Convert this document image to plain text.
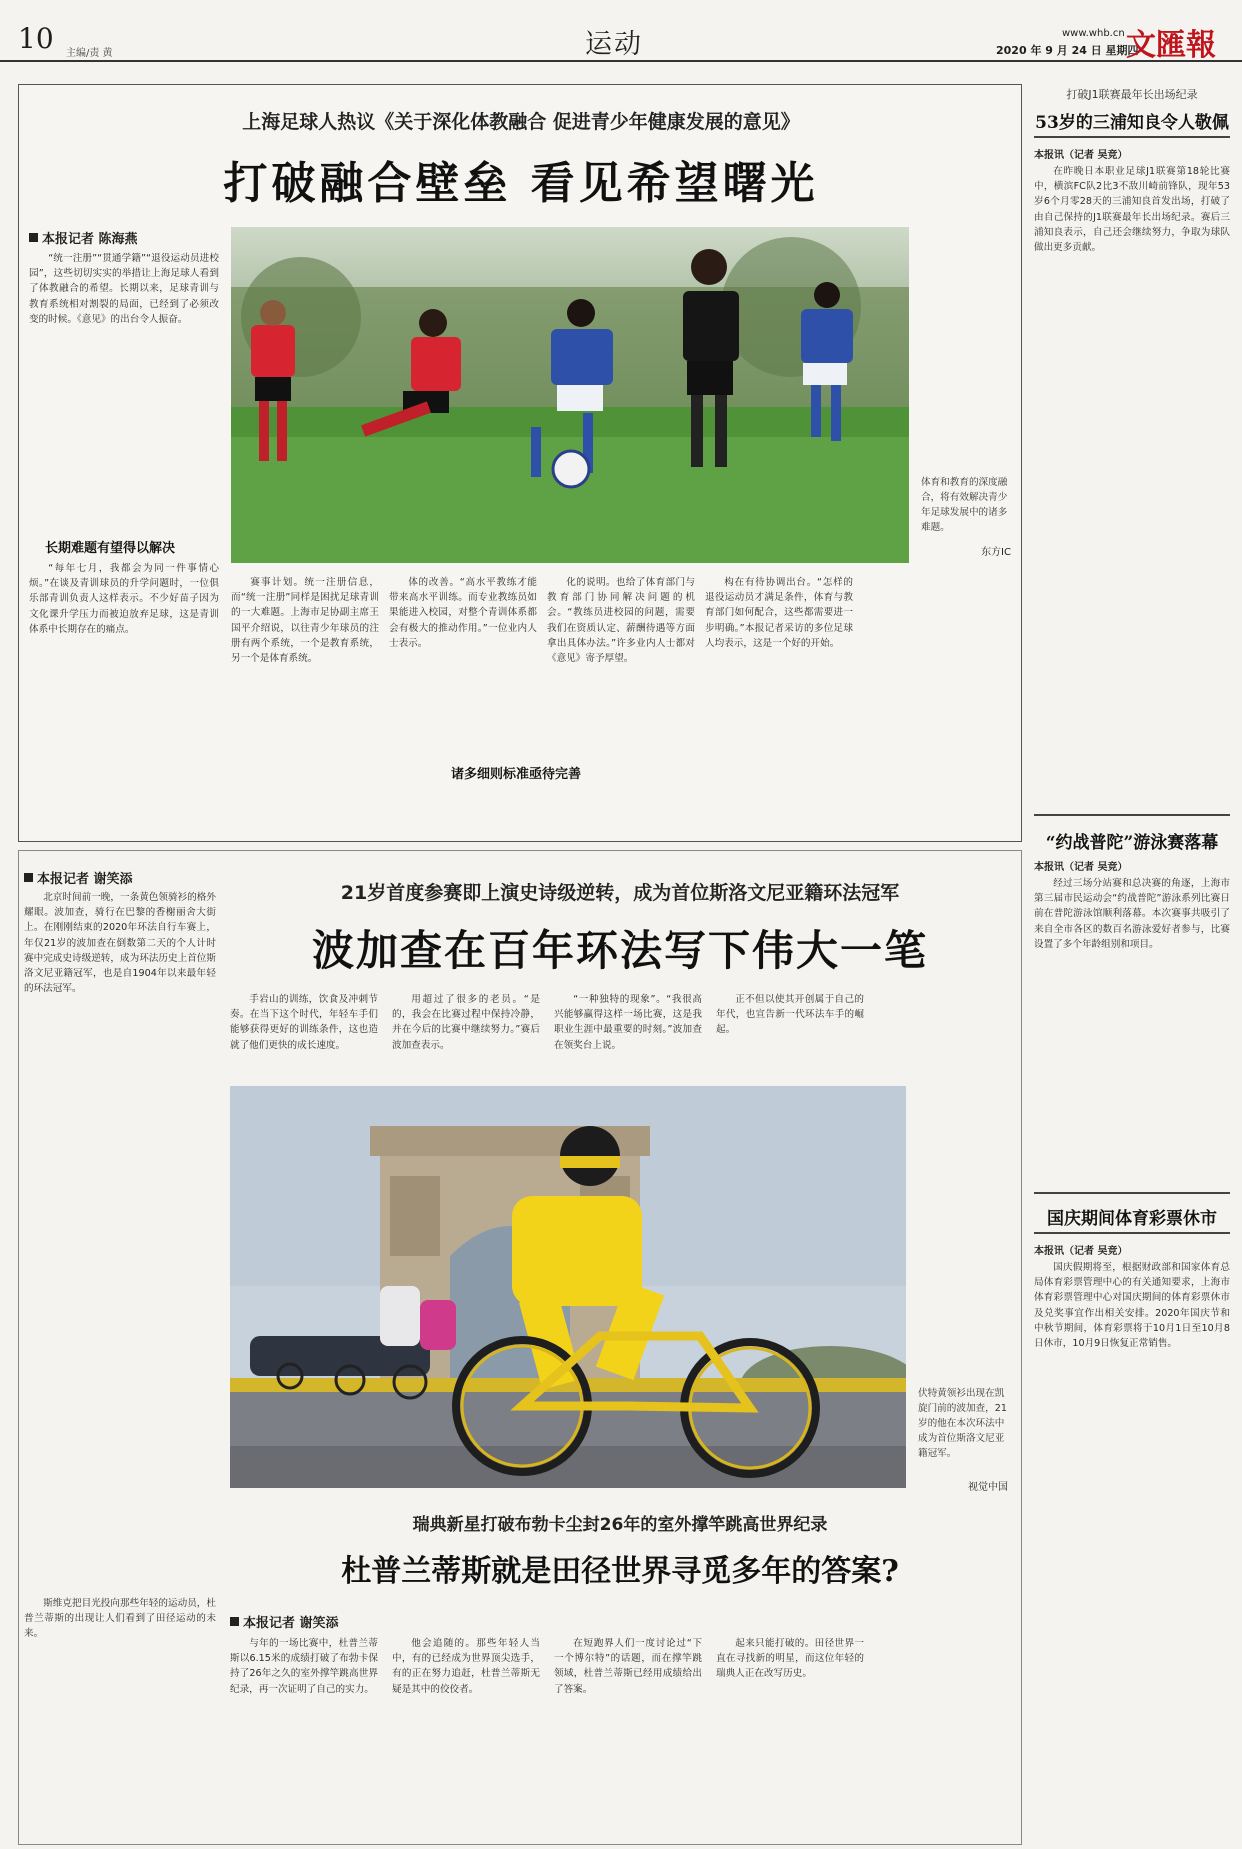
10 主编/责 黄	运动	www.whb.cn
2020 年 9 月 24 日 星期四
文匯報
上海足球人热议《关于深化体教融合 促进青少年健康发展的意见》
打破融合壁垒 看见希望曙光
本报记者 陈海燕
“统一注册”“贯通学籍”“退役运动员进校园”，这些切切实实的举措让上海足球人看到了体教融合的希望。长期以来，足球青训与教育系统相对割裂的局面，已经到了必须改变的时候。《意见》的出台令人振奋。
长期难题有望得以解决
“每年七月，我都会为同一件事情心烦。”在谈及青训球员的升学问题时，一位俱乐部青训负责人这样表示。不少好苗子因为文化课升学压力而被迫放弃足球，这是青训体系中长期存在的痛点。
体育和教育的深度融合，将有效解决青少年足球发展中的诸多难题。
东方IC
赛事计划。统一注册信息，而“统一注册”同样是困扰足球青训的一大难题。上海市足协副主席王国平介绍说，以往青少年球员的注册有两个系统，一个是教育系统，另一个是体育系统。
体的改善。“高水平教练才能带来高水平训练。而专业教练员如果能进入校园，对整个青训体系都会有极大的推动作用。”一位业内人士表示。
诸多细则标准亟待完善
化的说明。也给了体育部门与教育部门协同解决问题的机会。“教练员进校园的问题，需要我们在资质认定、薪酬待遇等方面拿出具体办法。”许多业内人士都对《意见》寄予厚望。
构在有待协调出台。“怎样的退役运动员才满足条件，体育与教育部门如何配合，这些都需要进一步明确。”本报记者采访的多位足球人均表示，这是一个好的开始。
本报记者 谢笑添
北京时间前一晚，一条黄色领骑衫的格外耀眼。波加查，骑行在巴黎的香榭丽舍大街上。在刚刚结束的2020年环法自行车赛上，年仅21岁的波加查在倒数第二天的个人计时赛中完成史诗级逆转，成为环法历史上首位斯洛文尼亚籍冠军，也是自1904年以来最年轻的环法冠军。
21岁首度参赛即上演史诗级逆转，成为首位斯洛文尼亚籍环法冠军
波加查在百年环法写下伟大一笔
手岩山的训练，饮食及冲刺节奏。在当下这个时代，年轻车手们能够获得更好的训练条件，这也造就了他们更快的成长速度。
用超过了很多的老员。“是的，我会在比赛过程中保持冷静，并在今后的比赛中继续努力。”赛后波加查表示。
“一种独特的现象”。“我很高兴能够赢得这样一场比赛，这是我职业生涯中最重要的时刻。”波加查在领奖台上说。
正不但以使其开创属于自己的年代，也宣告新一代环法车手的崛起。
伏特黄领衫出现在凯旋门前的波加查，21岁的他在本次环法中成为首位斯洛文尼亚籍冠军。
视觉中国
瑞典新星打破布勃卡尘封26年的室外撑竿跳高世界纪录
杜普兰蒂斯就是田径世界寻觅多年的答案?
本报记者 谢笑添
斯维克把目光投向那些年轻的运动员，杜普兰蒂斯的出现让人们看到了田径运动的未来。
与年的一场比赛中，杜普兰蒂斯以6.15米的成绩打破了布勃卡保持了26年之久的室外撑竿跳高世界纪录，再一次证明了自己的实力。
他会追随的。那些年轻人当中，有的已经成为世界顶尖选手，有的正在努力追赶，杜普兰蒂斯无疑是其中的佼佼者。
在短跑界人们一度讨论过“下一个博尔特”的话题，而在撑竿跳领域，杜普兰蒂斯已经用成绩给出了答案。
起来只能打破的。田径世界一直在寻找新的明星，而这位年轻的瑞典人正在改写历史。
打破J1联赛最年长出场纪录
53岁的三浦知良令人敬佩
本报讯（记者 吴竞）
在昨晚日本职业足球J1联赛第18轮比赛中，横滨FC队2比3不敌川崎前锋队，现年53岁6个月零28天的三浦知良首发出场，打破了由自己保持的J1联赛最年长出场纪录。赛后三浦知良表示，自己还会继续努力，争取为球队做出更多贡献。
“约战普陀”游泳赛落幕
本报讯（记者 吴竞）
经过三场分站赛和总决赛的角逐，上海市第三届市民运动会“约战普陀”游泳系列比赛日前在普陀游泳馆顺利落幕。本次赛事共吸引了来自全市各区的数百名游泳爱好者参与，比赛设置了多个年龄组别和项目。
国庆期间体育彩票休市
本报讯（记者 吴竞）
国庆假期将至，根据财政部和国家体育总局体育彩票管理中心的有关通知要求，上海市体育彩票管理中心对国庆期间的体育彩票休市及兑奖事宜作出相关安排。2020年国庆节和中秋节期间，体育彩票将于10月1日至10月8日休市，10月9日恢复正常销售。
